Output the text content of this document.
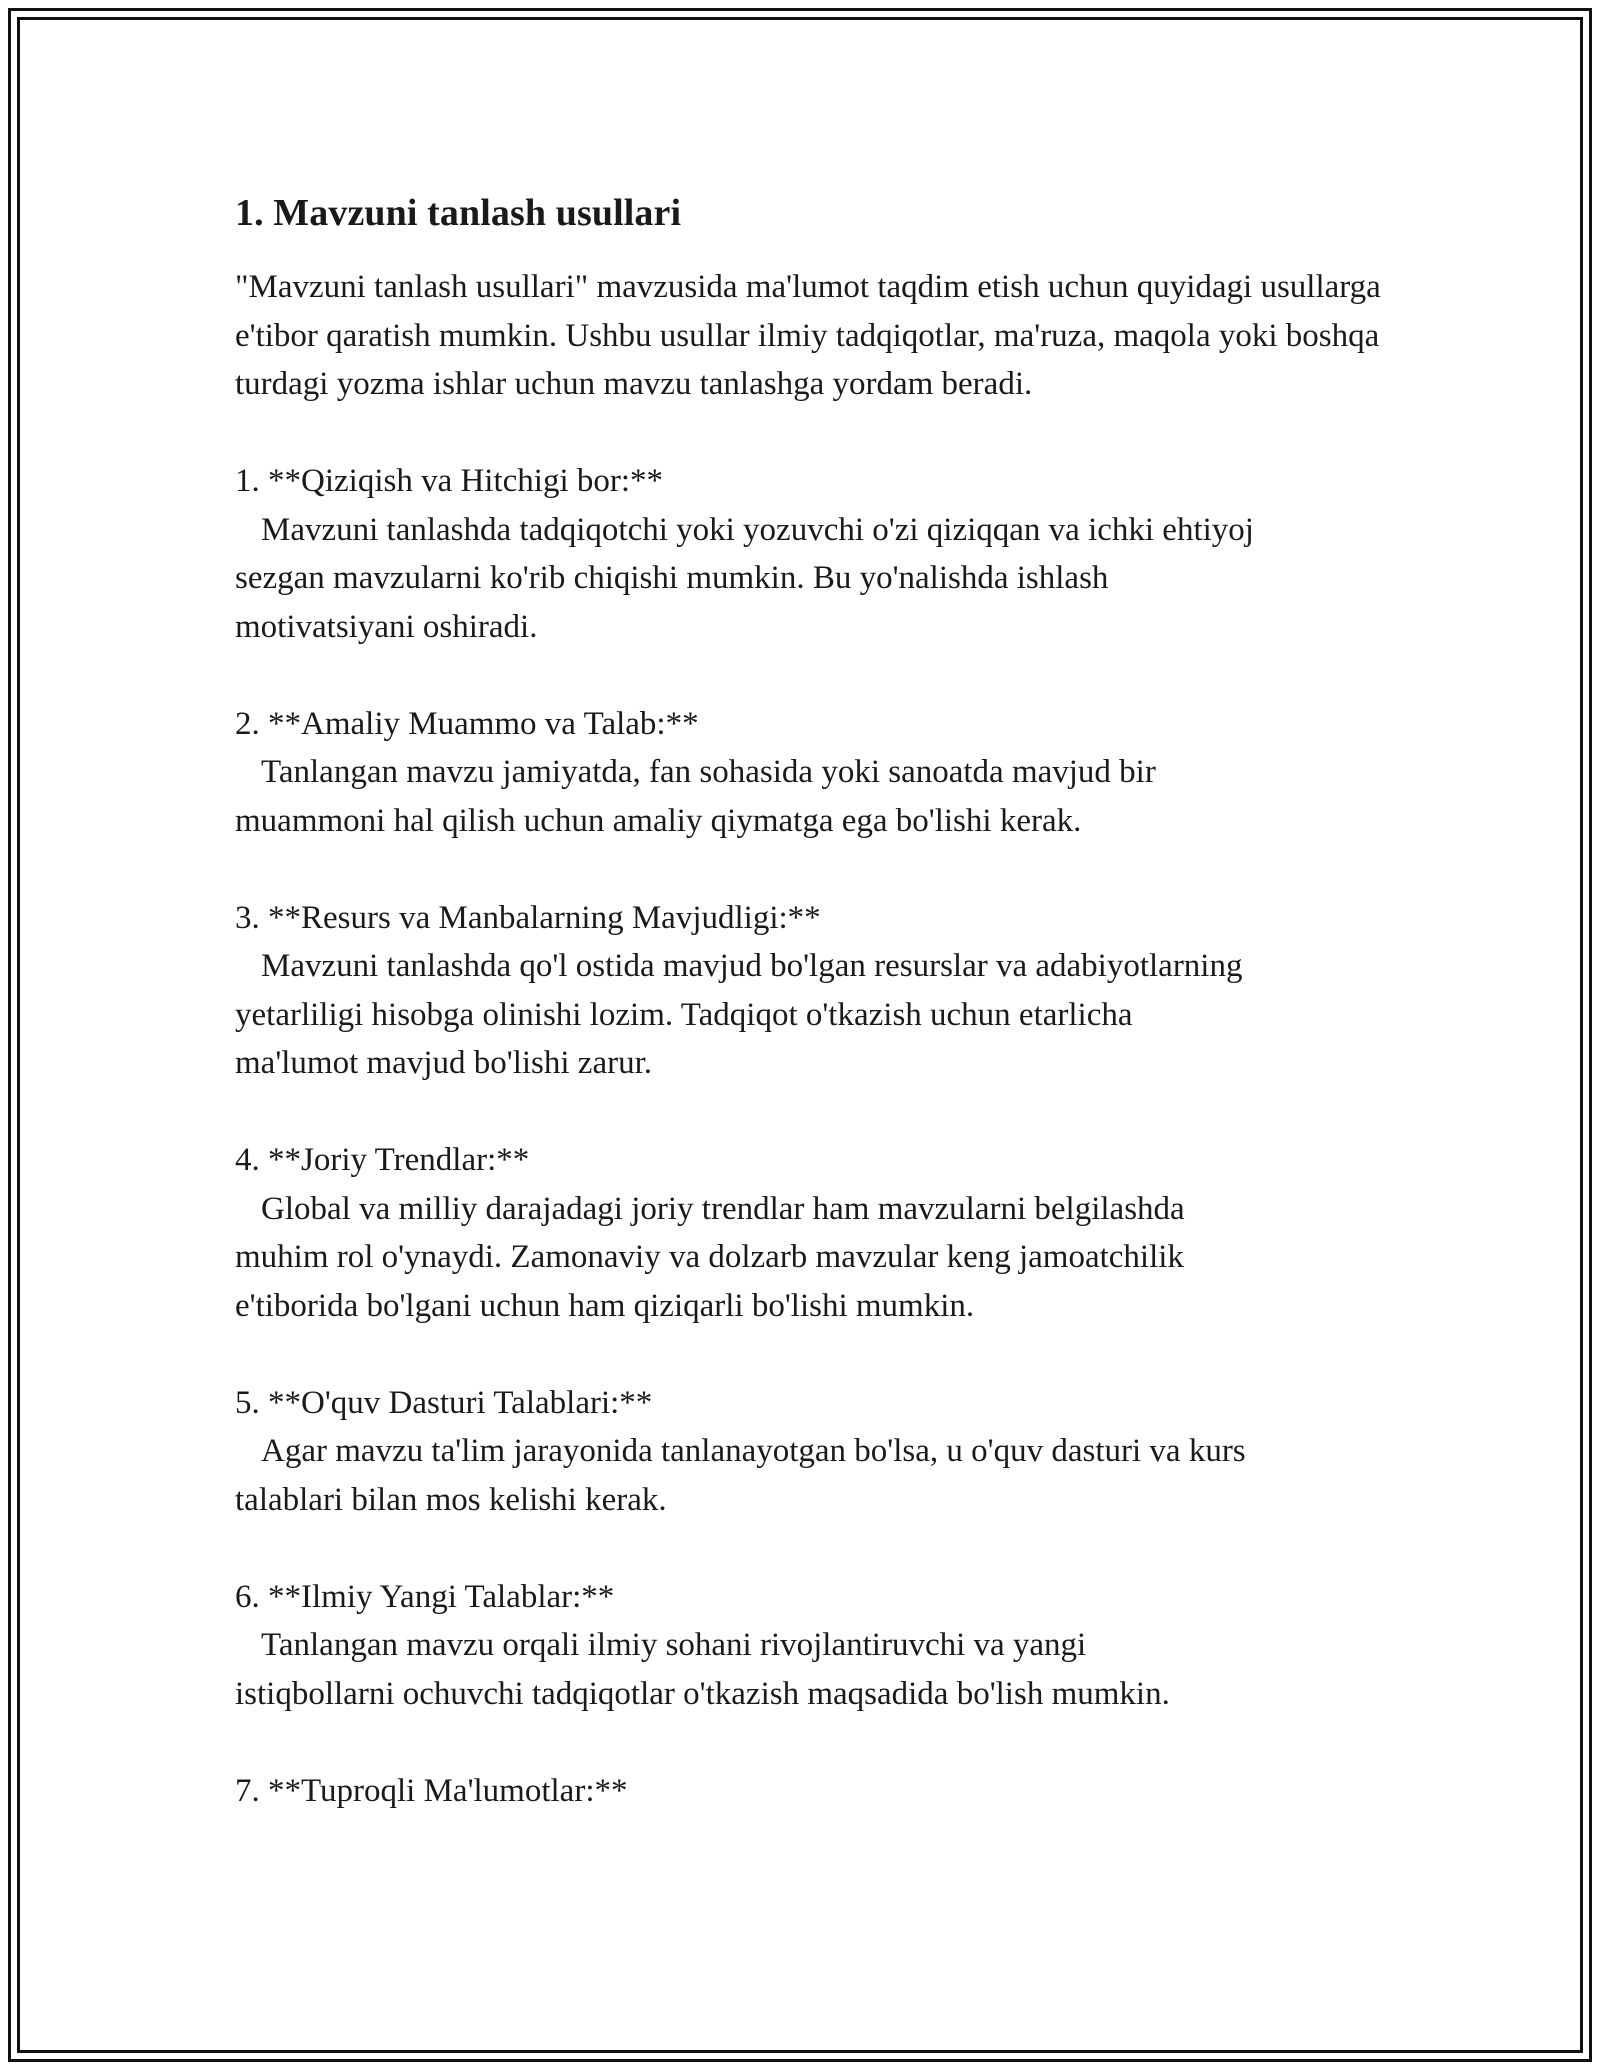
1. Mavzuni tanlash usullari

"Mavzuni tanlash usullari" mavzusida ma'lumot taqdim etish uchun quyidagi usullarga e'tibor qaratish mumkin. Ushbu usullar ilmiy tadqiqotlar, ma'ruza, maqola yoki boshqa turdagi yozma ishlar uchun mavzu tanlashga yordam beradi.

1. **Qiziqish va Hitchigi bor:**
Mavzuni tanlashda tadqiqotchi yoki yozuvchi o'zi qiziqqan va ichki ehtiyoj
sezgan mavzularni ko'rib chiqishi mumkin. Bu yo'nalishda ishlash
motivatsiyani oshiradi.
2. **Amaliy Muammo va Talab:**
Tanlangan mavzu jamiyatda, fan sohasida yoki sanoatda mavjud bir
muammoni hal qilish uchun amaliy qiymatga ega bo'lishi kerak.
3. **Resurs va Manbalarning Mavjudligi:**
Mavzuni tanlashda qo'l ostida mavjud bo'lgan resurslar va adabiyotlarning
yetarliligi hisobga olinishi lozim. Tadqiqot o'tkazish uchun etarlicha
ma'lumot mavjud bo'lishi zarur.
4. **Joriy Trendlar:**
Global va milliy darajadagi joriy trendlar ham mavzularni belgilashda
muhim rol o'ynaydi. Zamonaviy va dolzarb mavzular keng jamoatchilik
e'tiborida bo'lgani uchun ham qiziqarli bo'lishi mumkin.
5. **O'quv Dasturi Talablari:**
Agar mavzu ta'lim jarayonida tanlanayotgan bo'lsa, u o'quv dasturi va kurs
talablari bilan mos kelishi kerak.
6. **Ilmiy Yangi Talablar:**
Tanlangan mavzu orqali ilmiy sohani rivojlantiruvchi va yangi
istiqbollarni ochuvchi tadqiqotlar o'tkazish maqsadida bo'lish mumkin.
7. **Tuproqli Ma'lumotlar:**
